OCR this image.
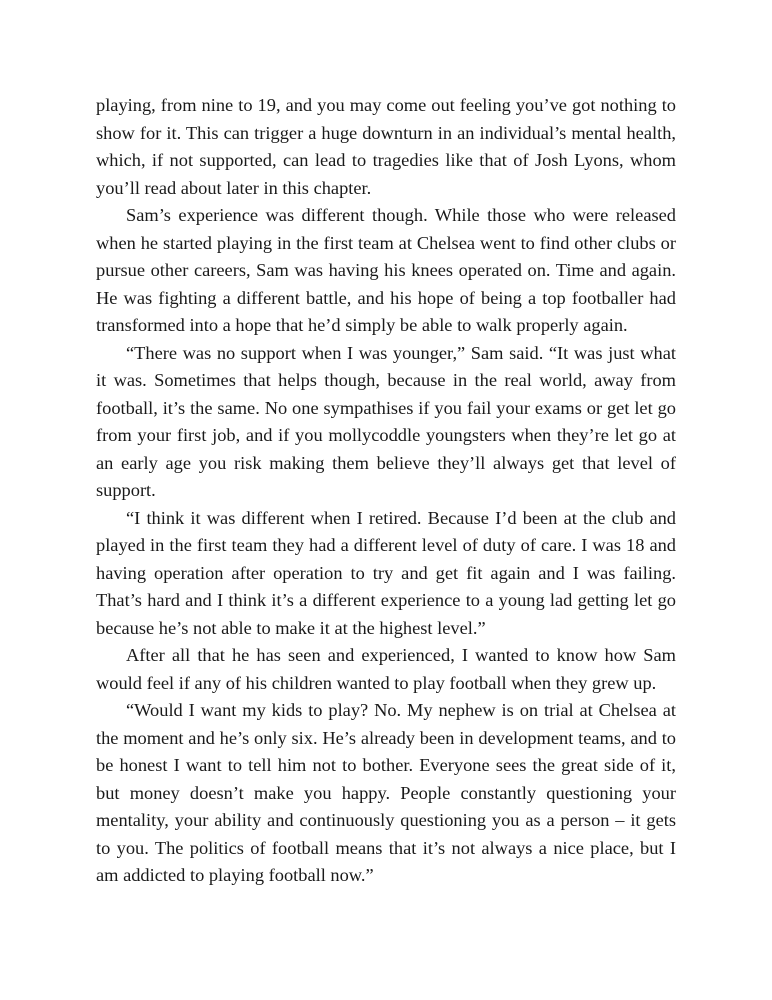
playing, from nine to 19, and you may come out feeling you’ve got nothing to show for it. This can trigger a huge downturn in an individual’s mental health, which, if not supported, can lead to tragedies like that of Josh Lyons, whom you’ll read about later in this chapter.

Sam’s experience was different though. While those who were released when he started playing in the first team at Chelsea went to find other clubs or pursue other careers, Sam was having his knees operated on. Time and again. He was fighting a different battle, and his hope of being a top footballer had transformed into a hope that he’d simply be able to walk properly again.

“There was no support when I was younger,” Sam said. “It was just what it was. Sometimes that helps though, because in the real world, away from football, it’s the same. No one sympathises if you fail your exams or get let go from your first job, and if you mollycoddle youngsters when they’re let go at an early age you risk making them believe they’ll always get that level of support.

“I think it was different when I retired. Because I’d been at the club and played in the first team they had a different level of duty of care. I was 18 and having operation after operation to try and get fit again and I was failing. That’s hard and I think it’s a different experience to a young lad getting let go because he’s not able to make it at the highest level.”

After all that he has seen and experienced, I wanted to know how Sam would feel if any of his children wanted to play football when they grew up.

“Would I want my kids to play? No. My nephew is on trial at Chelsea at the moment and he’s only six. He’s already been in development teams, and to be honest I want to tell him not to bother. Everyone sees the great side of it, but money doesn’t make you happy. People constantly questioning your mentality, your ability and continuously questioning you as a person – it gets to you. The politics of football means that it’s not always a nice place, but I am addicted to playing football now.”
